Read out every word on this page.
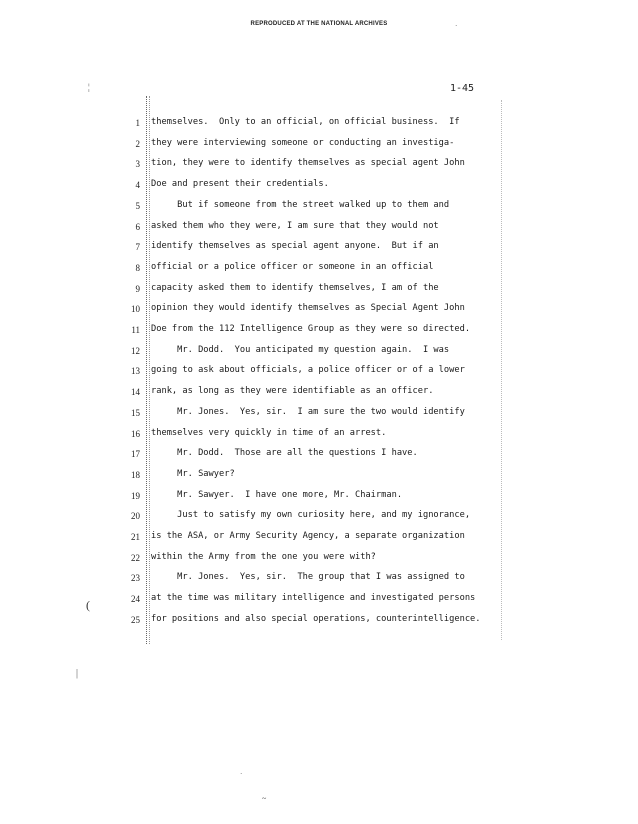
REPRODUCED AT THE NATIONAL ARCHIVES
1-45
¦
(
|
·
·
~
1 themselves.  Only to an official, on official business.  If
2 they were interviewing someone or conducting an investiga-
3 tion, they were to identify themselves as special agent John
4 Doe and present their credentials.
5 But if someone from the street walked up to them and
6 asked them who they were, I am sure that they would not
7 identify themselves as special agent anyone.  But if an
8 official or a police officer or someone in an official
9 capacity asked them to identify themselves, I am of the
10 opinion they would identify themselves as Special Agent John
11 Doe from the 112 Intelligence Group as they were so directed.
12 Mr. Dodd.  You anticipated my question again.  I was
13 going to ask about officials, a police officer or of a lower
14 rank, as long as they were identifiable as an officer.
15 Mr. Jones.  Yes, sir.  I am sure the two would identify
16 themselves very quickly in time of an arrest.
17 Mr. Dodd.  Those are all the questions I have.
18 Mr. Sawyer?
19 Mr. Sawyer.  I have one more, Mr. Chairman.
20 Just to satisfy my own curiosity here, and my ignorance,
21 is the ASA, or Army Security Agency, a separate organization
22 within the Army from the one you were with?
23 Mr. Jones.  Yes, sir.  The group that I was assigned to
24 at the time was military intelligence and investigated persons
25 for positions and also special operations, counterintelligence.
